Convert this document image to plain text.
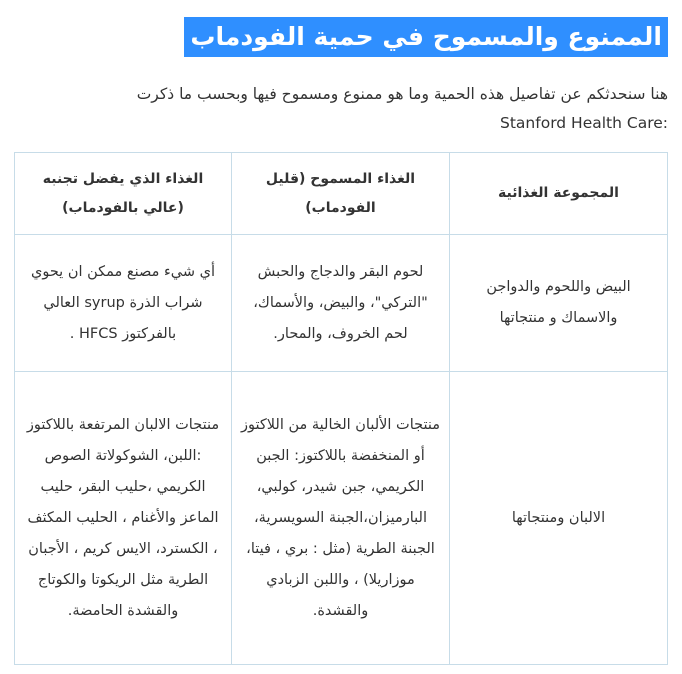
الممنوع والمسموح في حمية الفودماب
هنا سنحدثكم عن تفاصيل هذه الحمية وما هو ممنوع ومسموح فيها وبحسب ما ذكرت
Stanford Health Care:
المجموعة الغذائية	الغذاء المسموح (قليل الفودماب)	الغذاء الذي يفضل تجنبه (عالي بالفودماب)
البيض واللحوم والدواجن والاسماك و منتجاتها	لحوم البقر والدجاج والحبش "التركي"، والبيض، والأسماك، لحم الخروف، والمحار.	أي شيء مصنع ممكن ان يحوي شراب الذرة syrup العالي بالفركتوز HFCS .
الالبان ومنتجاتها	منتجات الألبان الخالية من اللاكتوز أو المنخفضة باللاكتوز: الجبن الكريمي، جبن شيدر، كولبي، البارميزان،الجبنة السويسرية، الجبنة الطرية (مثل : بري ، فيتا، موزاريلا) ، واللبن الزبادي والقشدة.	منتجات الالبان المرتفعة باللاكتوز :اللبن، الشوكولاتة الصوص الكريمي ،حليب البقر، حليب الماعز والأغنام ، الحليب المكثف ، الكسترد، الايس كريم ، الأجبان الطرية مثل الريكوتا والكوتاج والقشدة الحامضة.
